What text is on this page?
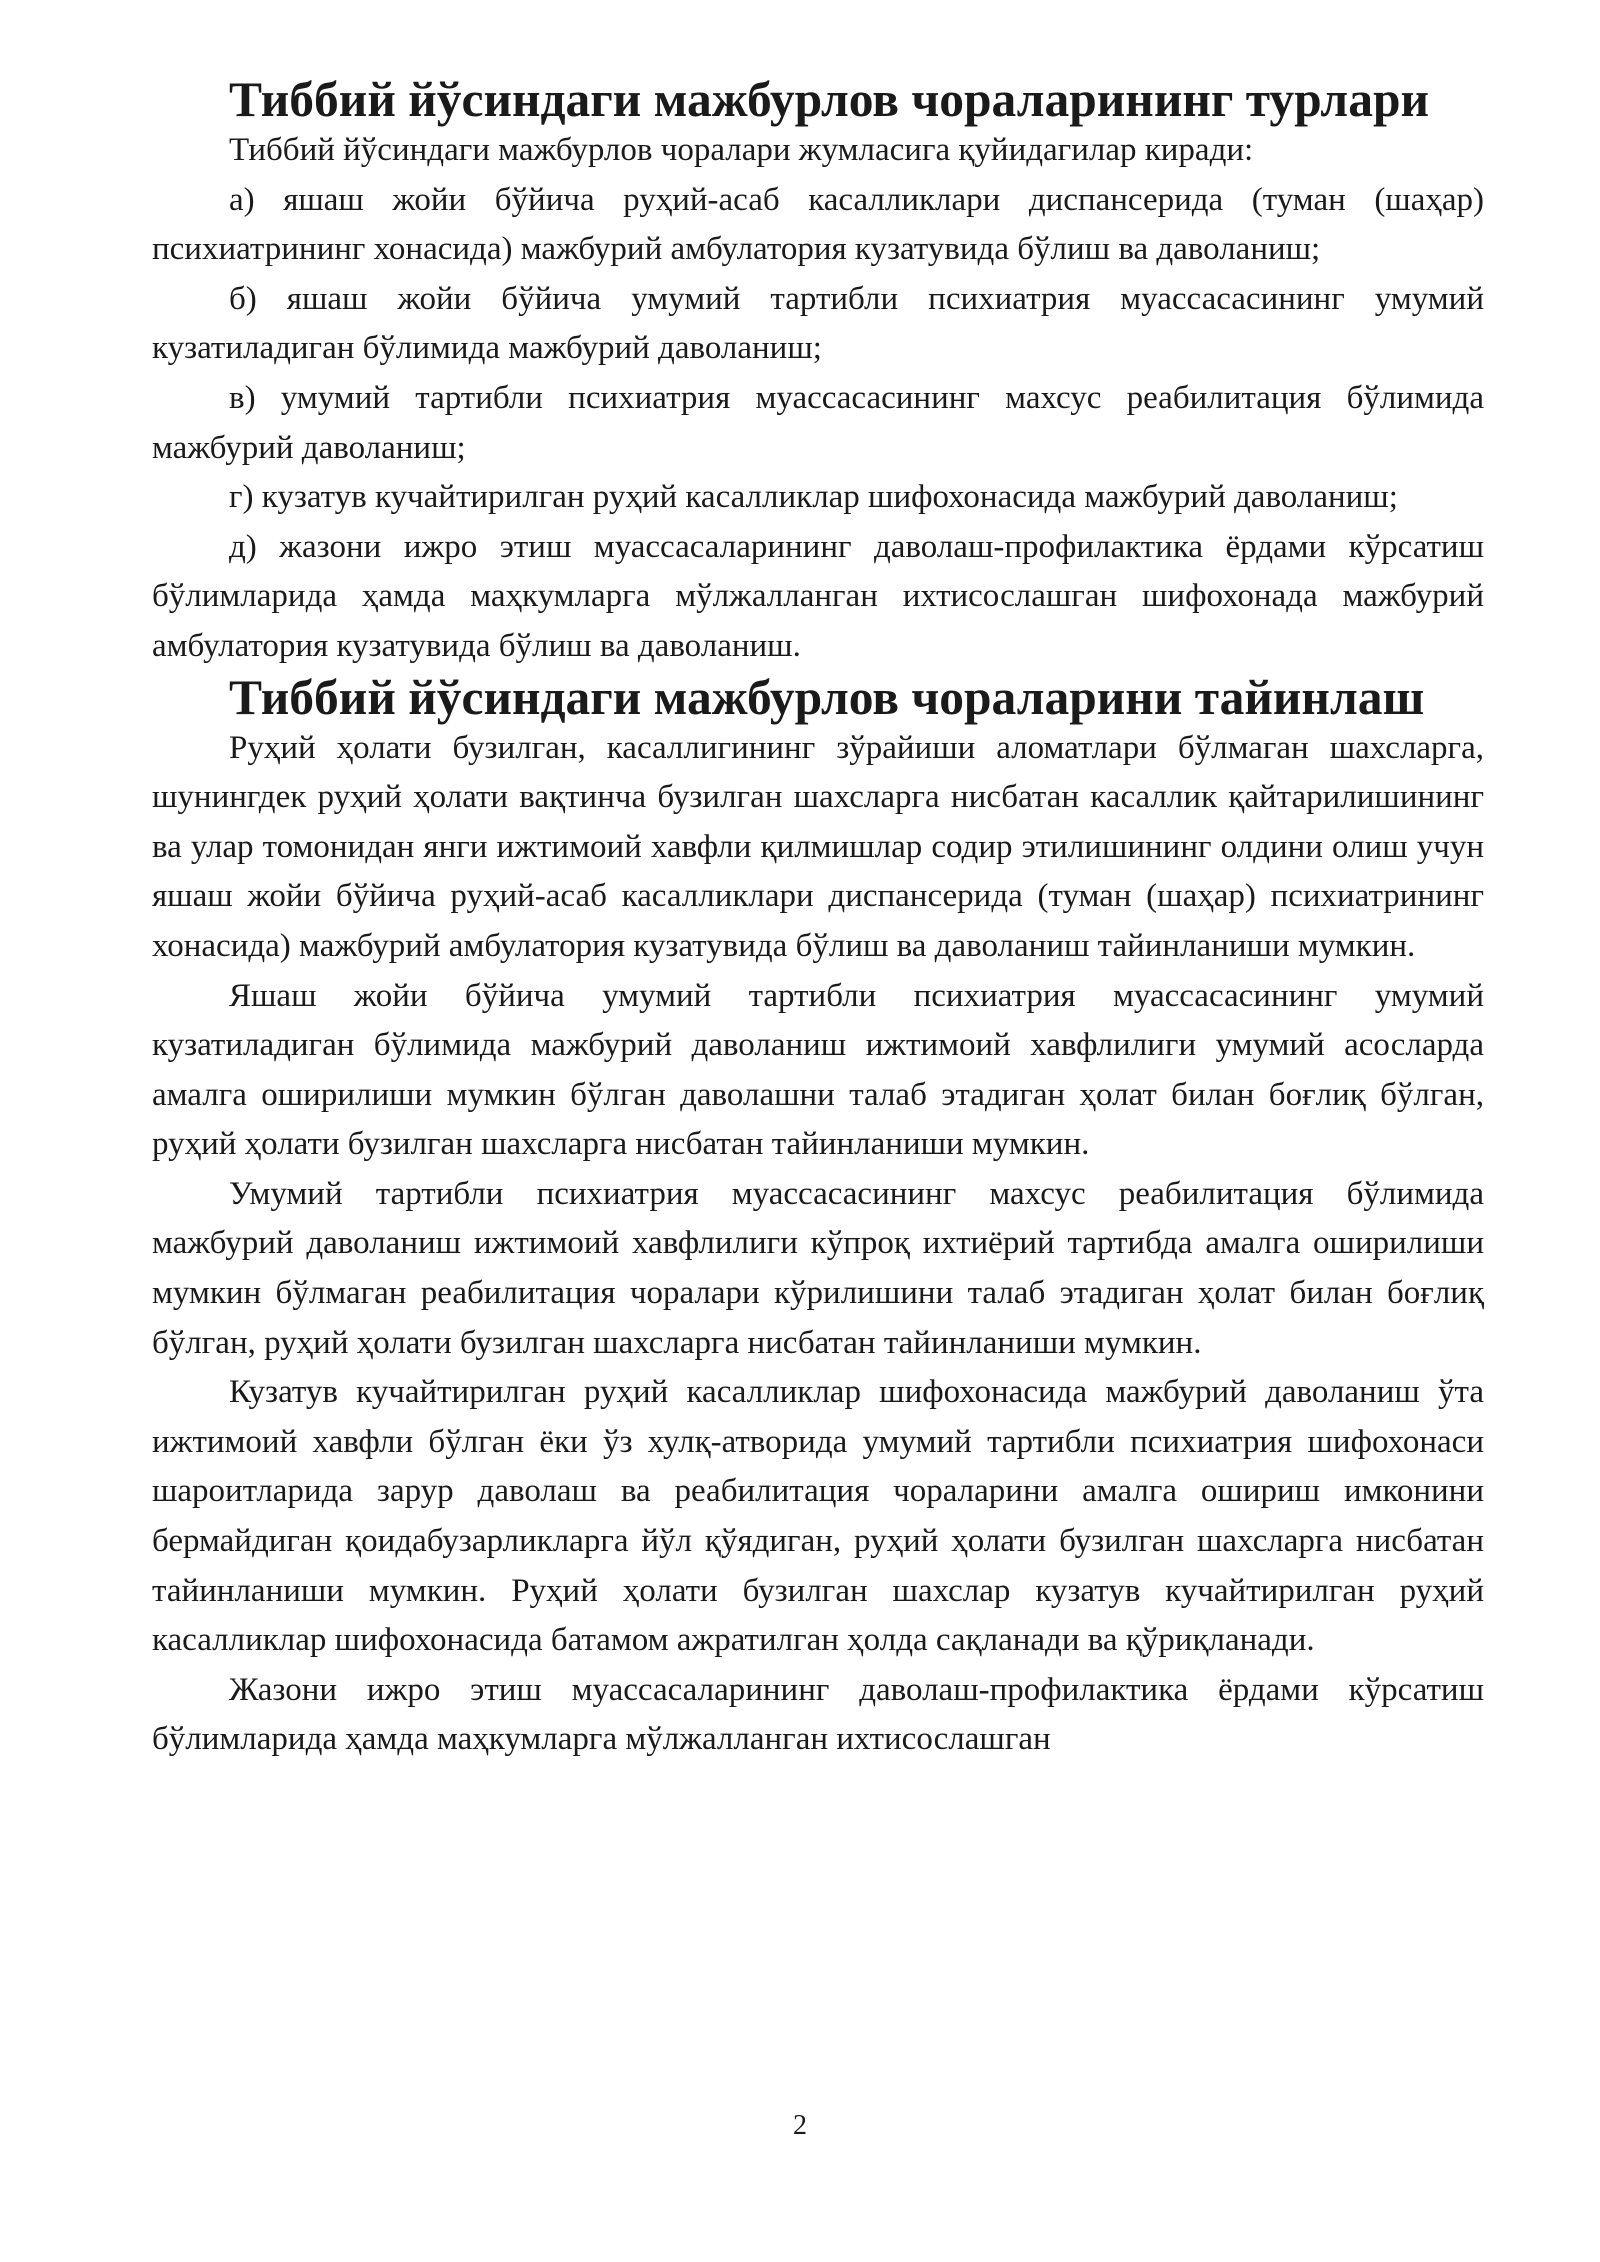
Тиббий йўсиндаги мажбурлов чораларининг турлари

Тиббий йўсиндаги мажбурлов чоралари жумласига қуйидагилар киради:

а) яшаш жойи бўйича руҳий-асаб касалликлари диспансерида (туман (шаҳар) психиатрининг хонасида) мажбурий амбулатория кузатувида бўлиш ва даволаниш;

б) яшаш жойи бўйича умумий тартибли психиатрия муассасасининг умумий кузатиладиган бўлимида мажбурий даволаниш;

в) умумий тартибли психиатрия муассасасининг махсус реабилитация бўлимида мажбурий даволаниш;

г) кузатув кучайтирилган руҳий касалликлар шифохонасида мажбурий даволаниш;

д) жазони ижро этиш муассасаларининг даволаш-профилактика ёрдами кўрсатиш бўлимларида ҳамда маҳкумларга мўлжалланган ихтисослашган шифохонада мажбурий амбулатория кузатувида бўлиш ва даволаниш.

Тиббий йўсиндаги мажбурлов чораларини тайинлаш

Руҳий ҳолати бузилган, касаллигининг зўрайиши аломатлари бўлмаган шахсларга, шунингдек руҳий ҳолати вақтинча бузилган шахсларга нисбатан касаллик қайтарилишининг ва улар томонидан янги ижтимоий хавфли қилмишлар содир этилишининг олдини олиш учун яшаш жойи бўйича руҳий-асаб касалликлари диспансерида (туман (шаҳар) психиатрининг хонасида) мажбурий амбулатория кузатувида бўлиш ва даволаниш тайинланиши мумкин.

Яшаш жойи бўйича умумий тартибли психиатрия муассасасининг умумий кузатиладиган бўлимида мажбурий даволаниш ижтимоий хавфлилиги умумий асосларда амалга оширилиши мумкин бўлган даволашни талаб этадиган ҳолат билан боғлиқ бўлган, руҳий ҳолати бузилган шахсларга нисбатан тайинланиши мумкин.

Умумий тартибли психиатрия муассасасининг махсус реабилитация бўлимида мажбурий даволаниш ижтимоий хавфлилиги кўпроқ ихтиёрий тартибда амалга оширилиши мумкин бўлмаган реабилитация чоралари кўрилишини талаб этадиган ҳолат билан боғлиқ бўлган, руҳий ҳолати бузилган шахсларга нисбатан тайинланиши мумкин.

Кузатув кучайтирилган руҳий касалликлар шифохонасида мажбурий даволаниш ўта ижтимоий хавфли бўлган ёки ўз хулқ-атворида умумий тартибли психиатрия шифохонаси шароитларида зарур даволаш ва реабилитация чораларини амалга ошириш имконини бермайдиган қоидабузарликларга йўл қўядиган, руҳий ҳолати бузилган шахсларга нисбатан тайинланиши мумкин. Руҳий ҳолати бузилган шахслар кузатув кучайтирилган руҳий касалликлар шифохонасида батамом ажратилган ҳолда сақланади ва қўриқланади.

Жазони ижро этиш муассасаларининг даволаш-профилактика ёрдами кўрсатиш бўлимларида ҳамда маҳкумларга мўлжалланган ихтисослашган

2
